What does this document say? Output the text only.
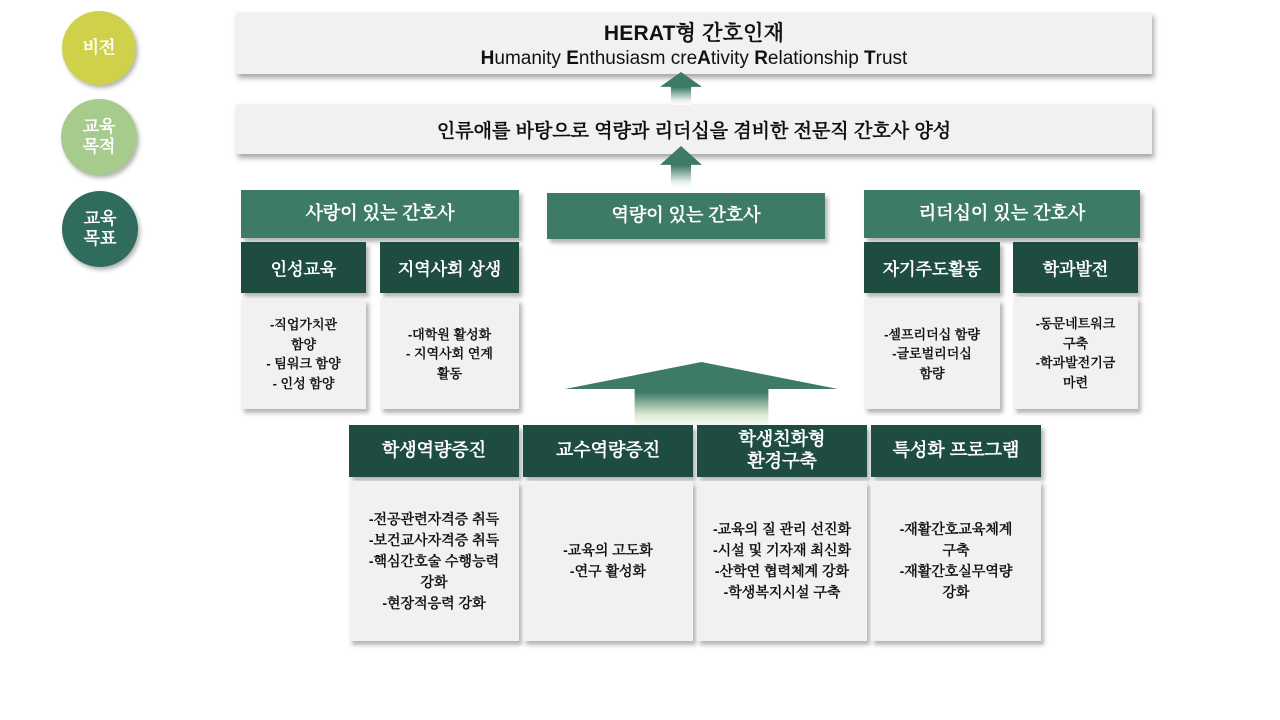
비전
교육
목적
교육
목표
HERAT형 간호인재
Humanity Enthusiasm creAtivity Relationship Trust
인류애를 바탕으로 역량과 리더십을 겸비한 전문직 간호사 양성
사랑이 있는 간호사
인성교육	지역사회 상생
-직업가치관
함양
- 팀워크 함양
- 인성 함양
-대학원 활성화
- 지역사회 연계
활동
역량이 있는 간호사	리더십이 있는 간호사
자기주도활동	학과발전
-셀프리더십 함량
-글로벌리더십
함량
-동문네트워크
구축
-학과발전기금
마련
학생역량증진	교수역량증진
학생친화형
환경구축
특성화 프로그램
-전공관련자격증 취득
-보건교사자격증 취득
-핵심간호술 수행능력
강화
-현장적응력 강화
-교육의 고도화
-연구 활성화
-교육의 질 관리 선진화
-시설 및 기자재 최신화
-산학연 협력체계 강화
-학생복지시설 구축
-재활간호교육체계
구축
-재활간호실무역량
강화
